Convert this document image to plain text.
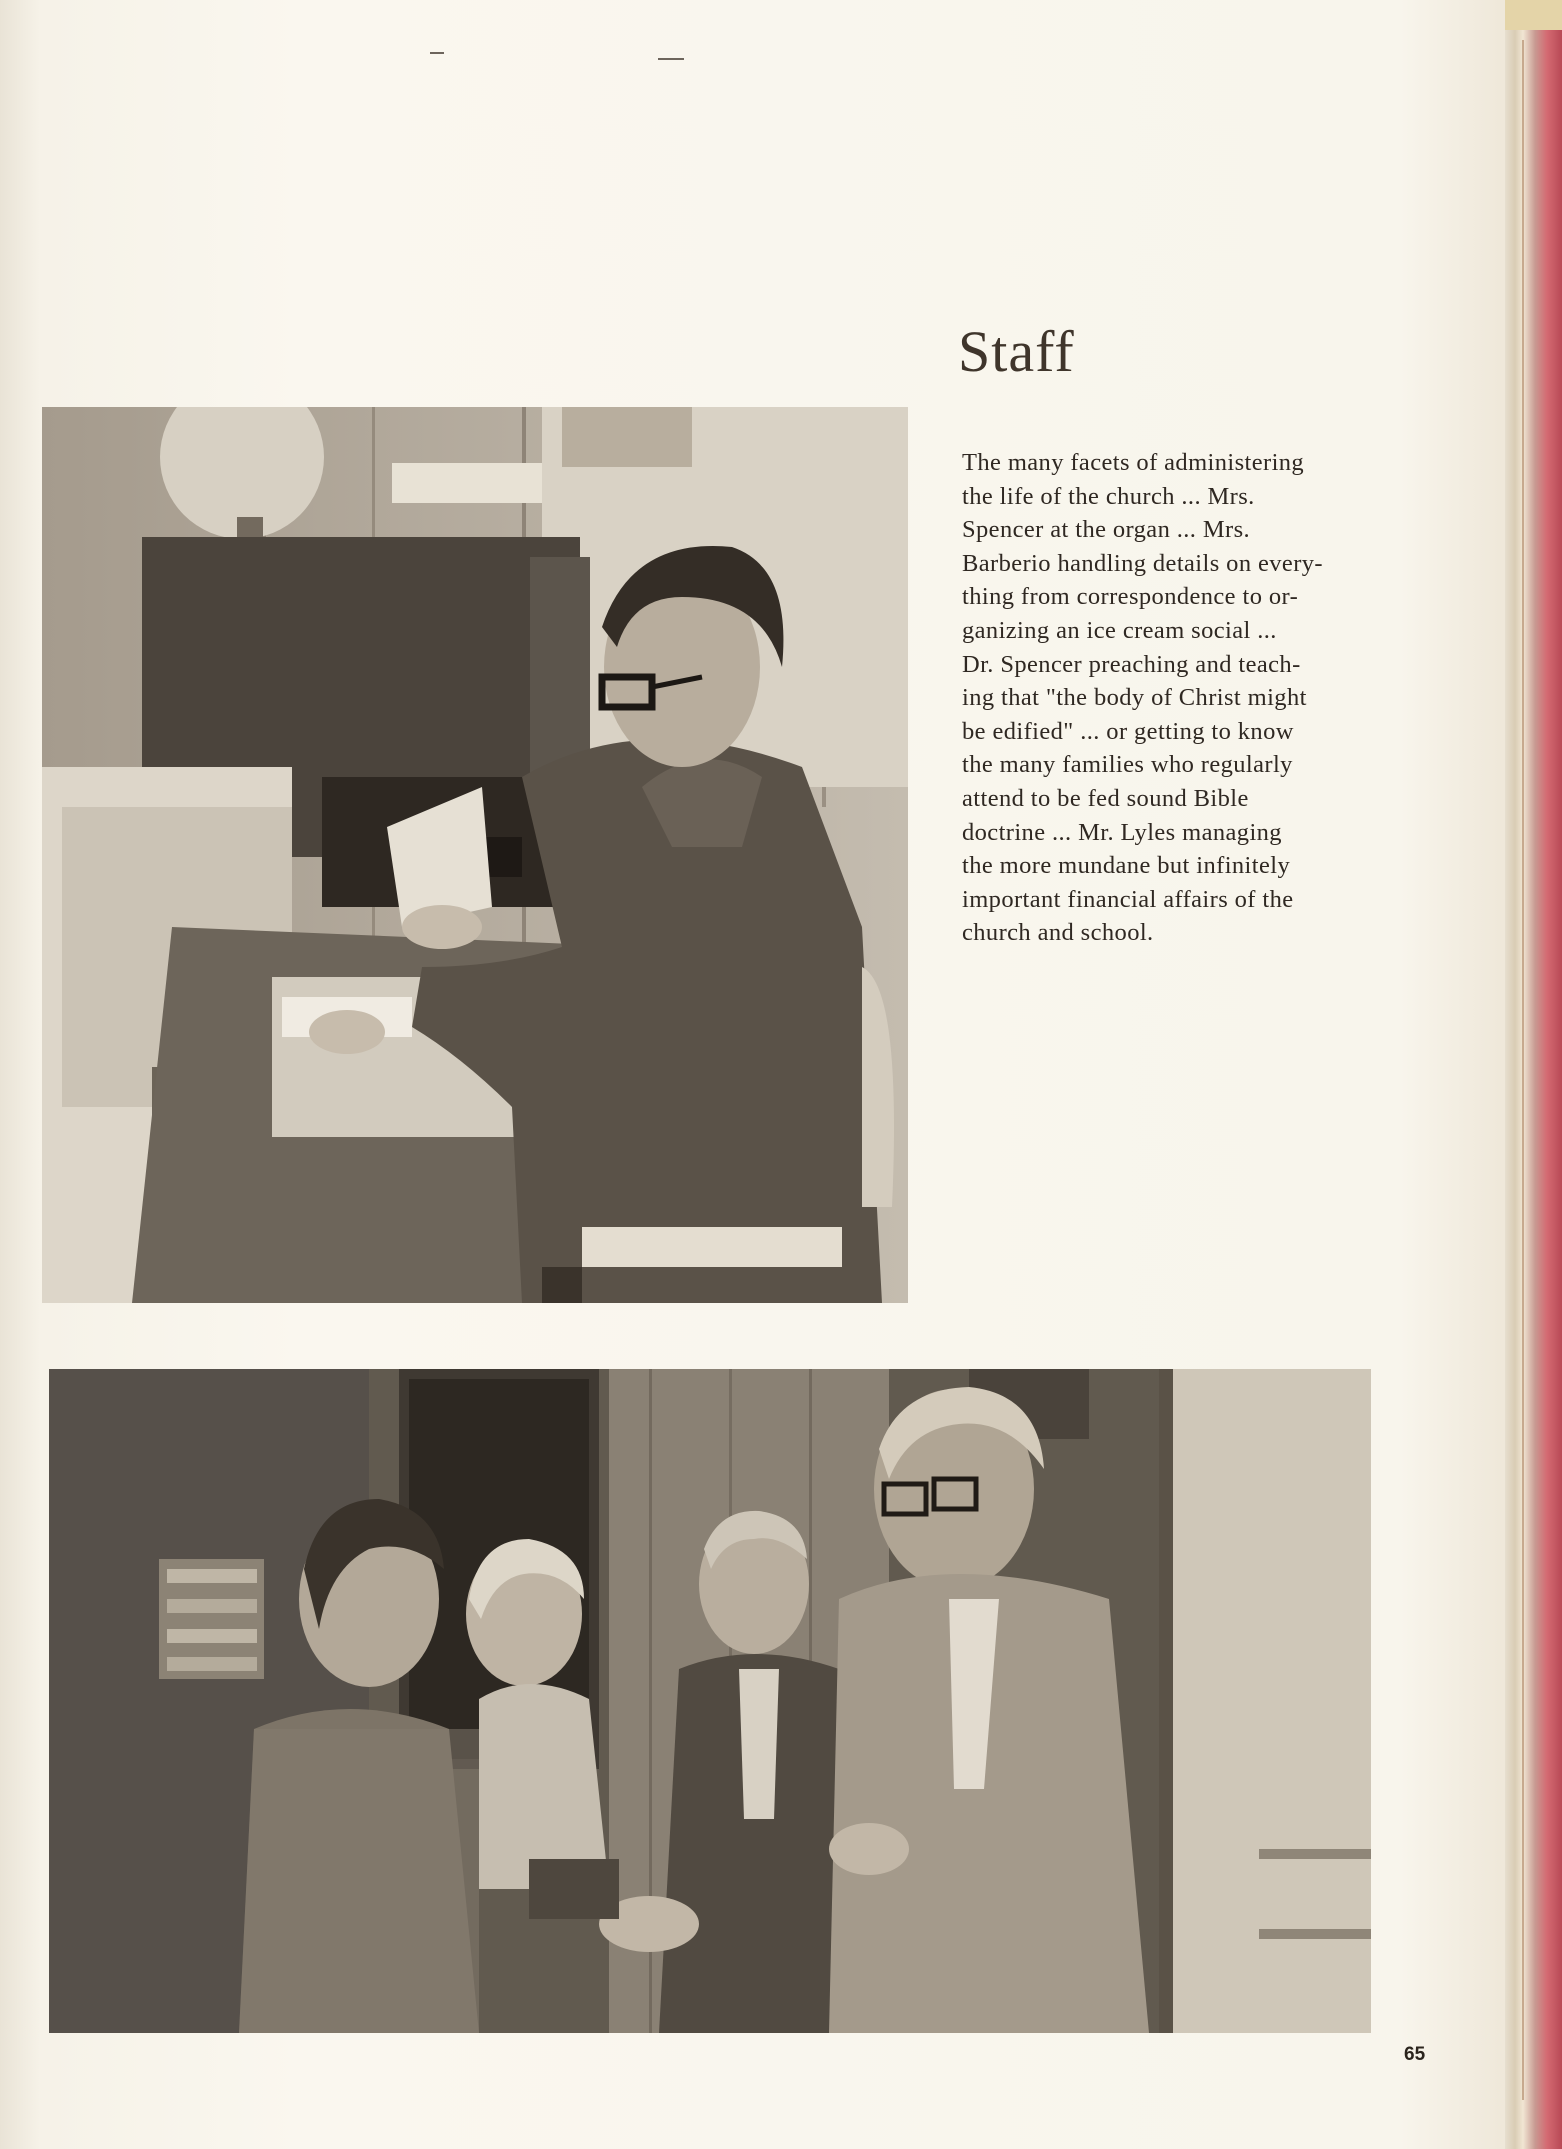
Staff

The many facets of administering
the life of the church ... Mrs.
Spencer at the organ ... Mrs.
Barberio handling details on every-
thing from correspondence to or-
ganizing an ice cream social ...
Dr. Spencer preaching and teach-
ing that "the body of Christ might
be edified" ... or getting to know
the many families who regularly
attend to be fed sound Bible
doctrine ... Mr. Lyles managing
the more mundane but infinitely
important financial affairs of the
church and school.

65
